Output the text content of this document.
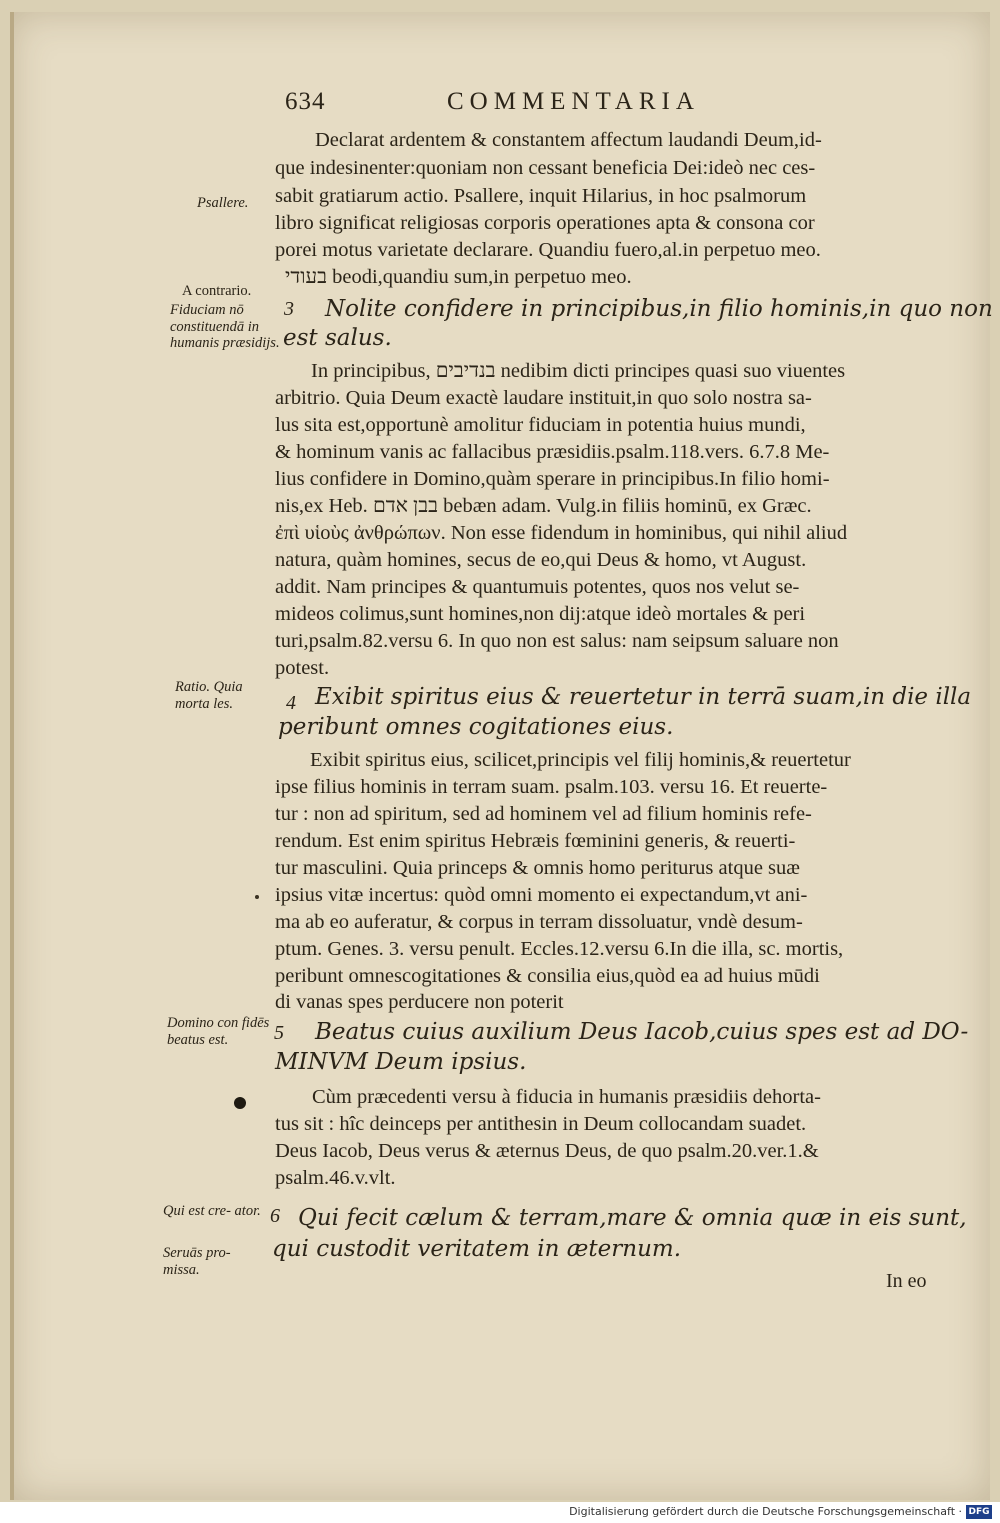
634	COMMENTARIA
Psallere.
A contrario.
Fiduciam nō constituendā in humanis præsidijs.
Ratio. Quia morta les.
Domino con fidēs beatus est.
Qui est cre- ator.
Seruās pro- missa.
3
4
5
6
Declarat ardentem & constantem affectum laudandi Deum,id-
que indesinenter:quoniam non cessant beneficia Dei:ideò nec ces-
sabit gratiarum actio. Psallere, inquit Hilarius, in hoc psalmorum
libro significat religiosas corporis operationes apta & consona cor
porei motus varietate declarare. Quandiu fuero,al.in perpetuo meo.
בעודי beodi,quandiu sum,in perpetuo meo.
Nolite confidere in principibus,in filio hominis,in quo non
est salus.
In principibus, בנדיבים nedibim dicti principes quasi suo viuentes
arbitrio. Quia Deum exactè laudare instituit,in quo solo nostra sa-
lus sita est,opportunè amolitur fiduciam in potentia huius mundi,
& hominum vanis ac fallacibus præsidiis.psalm.118.vers. 6.7.8 Me-
lius confidere in Domino,quàm sperare in principibus.In filio homi-
nis,ex Heb. בבן אדם bebæn adam. Vulg.in filiis hominū, ex Græc.
ἐπὶ υἱοὺς ἀνθρώπων. Non esse fidendum in hominibus, qui nihil aliud
natura, quàm homines, secus de eo,qui Deus & homo, vt August.
addit. Nam principes & quantumuis potentes, quos nos velut se-
mideos colimus,sunt homines,non dij:atque ideò mortales & peri
turi,psalm.82.versu 6. In quo non est salus: nam seipsum saluare non
potest.
Exibit spiritus eius & reuertetur in terrā suam,in die illa
peribunt omnes cogitationes eius.
Exibit spiritus eius, scilicet,principis vel filij hominis,& reuertetur
ipse filius hominis in terram suam. psalm.103. versu 16. Et reuerte-
tur : non ad spiritum, sed ad hominem vel ad filium hominis refe-
rendum. Est enim spiritus Hebræis fœminini generis, & reuerti-
tur masculini. Quia princeps & omnis homo periturus atque suæ
ipsius vitæ incertus: quòd omni momento ei expectandum,vt ani-
ma ab eo auferatur, & corpus in terram dissoluatur, vndè desum-
ptum. Genes. 3. versu penult. Eccles.12.versu 6.In die illa, sc. mortis,
peribunt omnescogitationes & consilia eius,quòd ea ad huius mūdi
di vanas spes perducere non poterit
Beatus cuius auxilium Deus Iacob,cuius spes est ad DO-
MINVM Deum ipsius.
Cùm præcedenti versu à fiducia in humanis præsidiis dehorta-
tus sit : hîc deinceps per antithesin in Deum collocandam suadet.
Deus Iacob, Deus verus & æternus Deus, de quo psalm.20.ver.1.&
psalm.46.v.vlt.
Qui fecit cælum & terram,mare & omnia quæ in eis sunt,
qui custodit veritatem in æternum.
In eo
Digitalisierung gefördert durch die Deutsche Forschungsgemeinschaft · DFG
